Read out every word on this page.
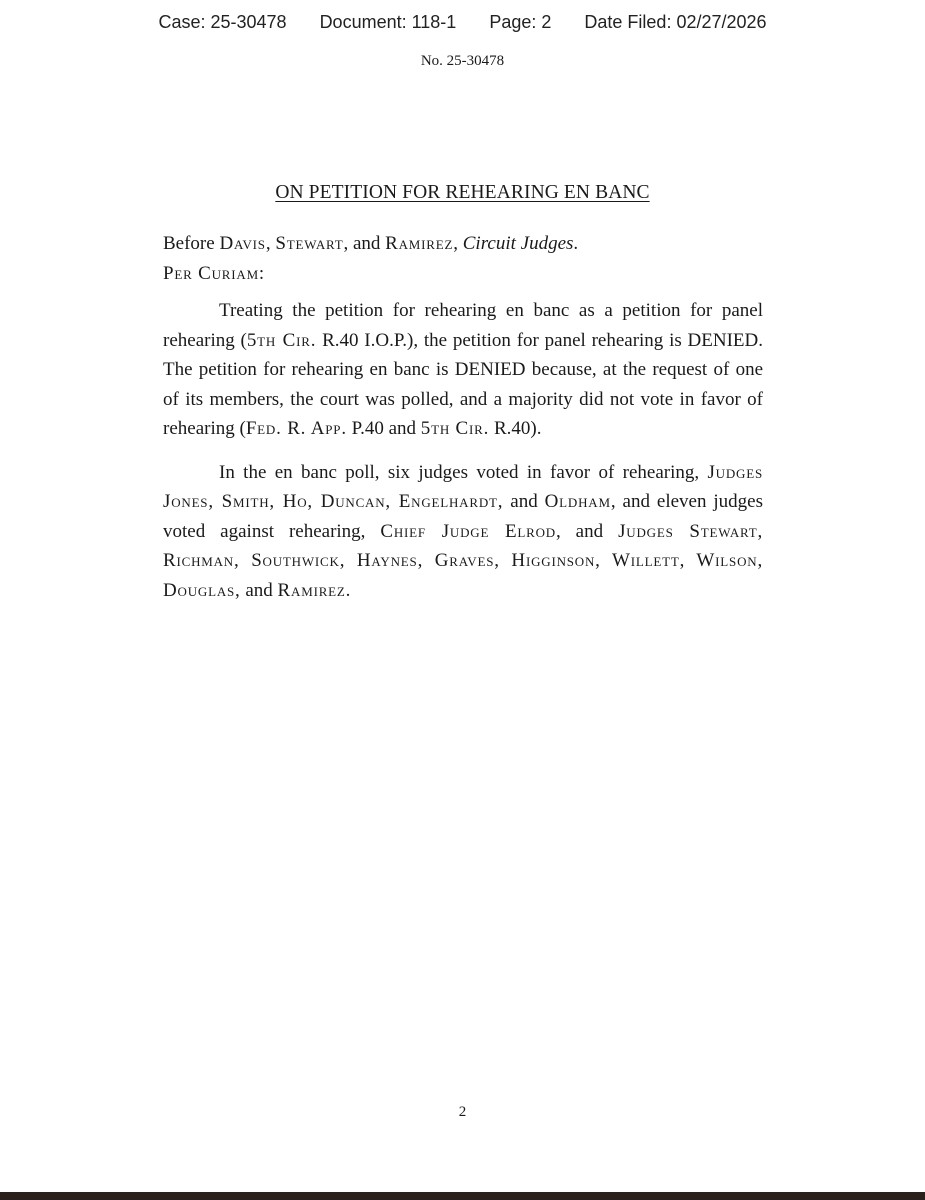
Case: 25-30478 Document: 118-1 Page: 2 Date Filed: 02/27/2026
No. 25-30478
ON PETITION FOR REHEARING EN BANC

Before Davis, Stewart, and Ramirez, Circuit Judges.

Per Curiam:

Treating the petition for rehearing en banc as a petition for panel rehearing (5th Cir. R.40 I.O.P.), the petition for panel rehearing is DENIED. The petition for rehearing en banc is DENIED because, at the request of one of its members, the court was polled, and a majority did not vote in favor of rehearing (Fed. R. App. P.40 and 5th Cir. R.40).

In the en banc poll, six judges voted in favor of rehearing, Judges Jones, Smith, Ho, Duncan, Engelhardt, and Oldham, and eleven judges voted against rehearing, Chief Judge Elrod, and Judges Stewart, Richman, Southwick, Haynes, Graves, Higginson, Willett, Wilson, Douglas, and Ramirez.

2
